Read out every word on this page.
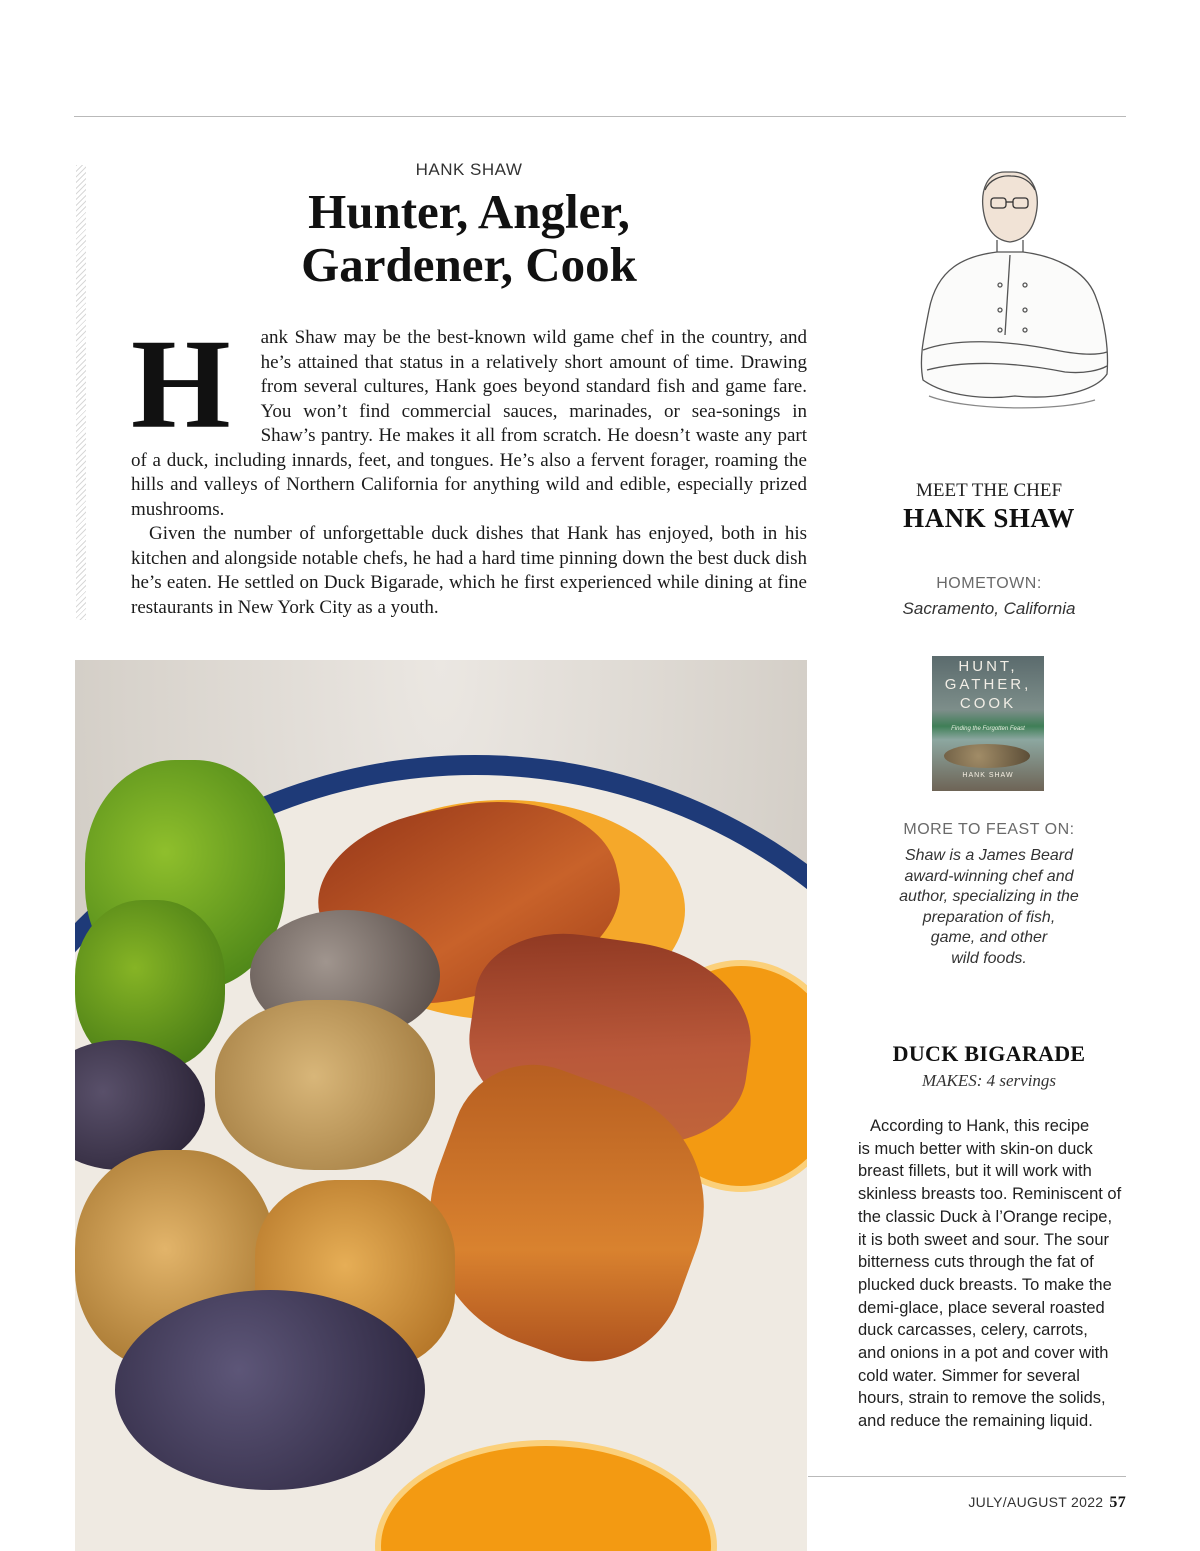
HANK SHAW
Hunter, Angler,
Gardener, Cook
H	ank Shaw may be the best-known wild game chef in the country, and he’s attained that status in a relatively short amount of time. Drawing from several cultures, Hank goes beyond standard fish and game fare. You won’t find commercial sauces, marinades, or sea-sonings in Shaw’s pantry. He makes it all from scratch. He doesn’t waste any part of a duck, including innards, feet, and tongues. He’s also a fervent forager, roaming the hills and valleys of Northern California for anything wild and edible, especially prized mushrooms.

Given the number of unforgettable duck dishes that Hank has enjoyed, both in his kitchen and alongside notable chefs, he had a hard time pinning down the best duck dish he’s eaten. He settled on Duck Bigarade, which he first experienced while dining at fine restaurants in New York City as a youth.

MEET THE CHEF
HANK SHAW
HOMETOWN:
Sacramento, California
HUNT,
GATHER,
COOK
Finding the Forgotten Feast
HANK SHAW
MORE TO FEAST ON:
Shaw is a James Beard
award-winning chef and
author, specializing in the
preparation of fish,
game, and other
wild foods.
DUCK BIGARADE
MAKES: 4 servings
According to Hank, this recipe
is much better with skin-on duck
breast fillets, but it will work with
skinless breasts too. Reminiscent of
the classic Duck à l’Orange recipe,
it is both sweet and sour. The sour
bitterness cuts through the fat of
plucked duck breasts. To make the
demi-glace, place several roasted
duck carcasses, celery, carrots,
and onions in a pot and cover with
cold water. Simmer for several
hours, strain to remove the solids,
and reduce the remaining liquid.
JULY/AUGUST 2022 57
